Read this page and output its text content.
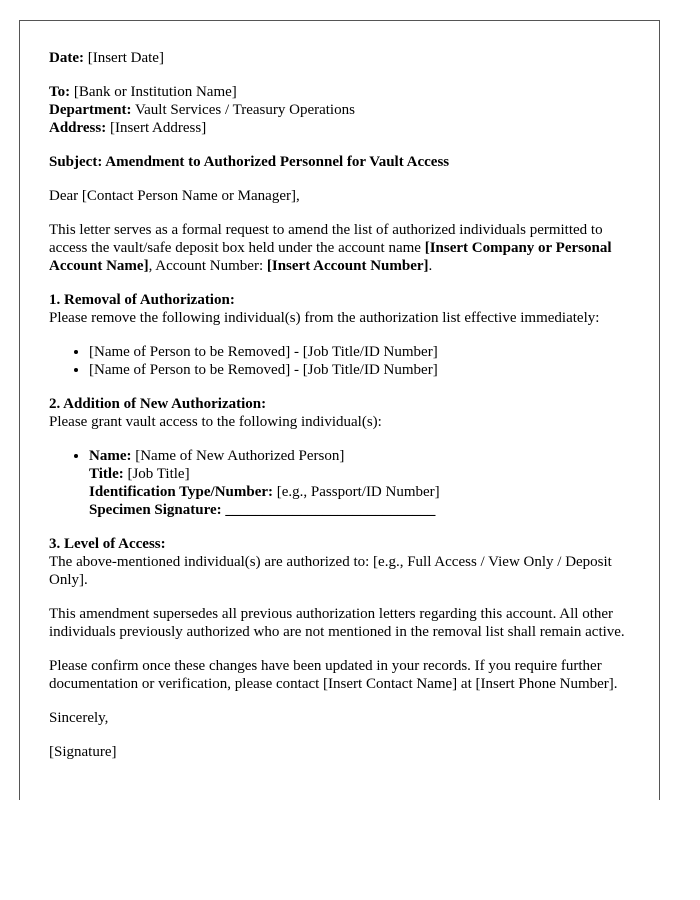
Date: [Insert Date]

To: [Bank or Institution Name]
Department: Vault Services / Treasury Operations
Address: [Insert Address]

Subject: Amendment to Authorized Personnel for Vault Access

Dear [Contact Person Name or Manager],

This letter serves as a formal request to amend the list of authorized individuals permitted to access the vault/safe deposit box held under the account name [Insert Company or Personal Account Name], Account Number: [Insert Account Number].

1. Removal of Authorization:
Please remove the following individual(s) from the authorization list effective immediately:

• [Name of Person to be Removed] - [Job Title/ID Number]
• [Name of Person to be Removed] - [Job Title/ID Number]

2. Addition of New Authorization:
Please grant vault access to the following individual(s):

• Name: [Name of New Authorized Person]
Title: [Job Title]
Identification Type/Number: [e.g., Passport/ID Number]
Specimen Signature: ____________________________

3. Level of Access:
The above-mentioned individual(s) are authorized to: [e.g., Full Access / View Only / Deposit Only].

This amendment supersedes all previous authorization letters regarding this account. All other individuals previously authorized who are not mentioned in the removal list shall remain active.

Please confirm once these changes have been updated in your records. If you require further documentation or verification, please contact [Insert Contact Name] at [Insert Phone Number].

Sincerely,

[Signature]
